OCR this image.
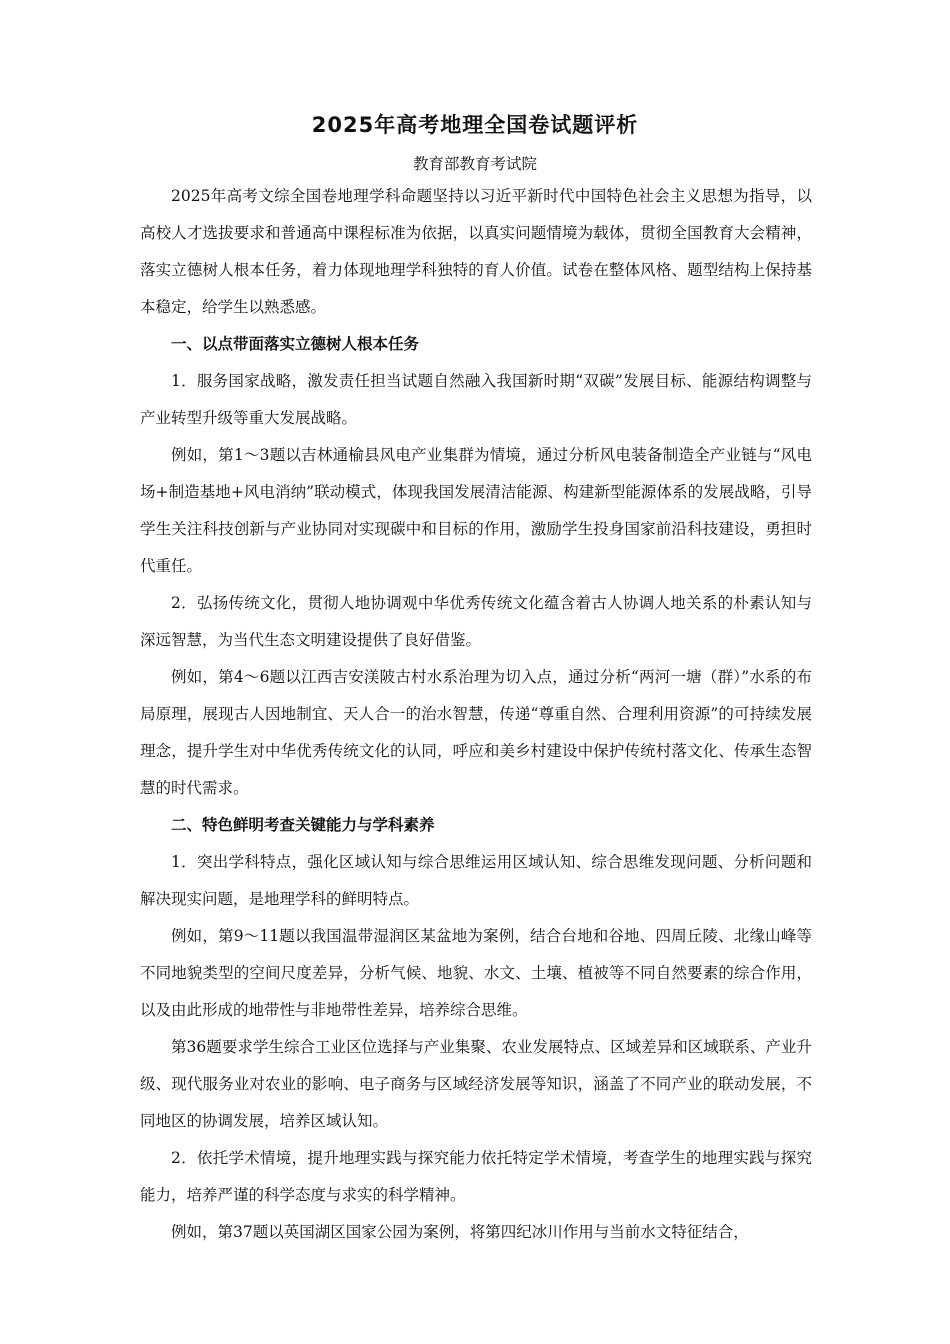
2025年高考地理全国卷试题评析
教育部教育考试院

2025年高考文综全国卷地理学科命题坚持以习近平新时代中国特色社会主义思想为指导，以高校人才选拔要求和普通高中课程标准为依据，以真实问题情境为载体，贯彻全国教育大会精神，落实立德树人根本任务，着力体现地理学科独特的育人价值。试卷在整体风格、题型结构上保持基本稳定，给学生以熟悉感。

一、以点带面落实立德树人根本任务

1．服务国家战略，激发责任担当试题自然融入我国新时期“双碳”发展目标、能源结构调整与产业转型升级等重大发展战略。

例如，第1～3题以吉林通榆县风电产业集群为情境，通过分析风电装备制造全产业链与“风电场+制造基地+风电消纳”联动模式，体现我国发展清洁能源、构建新型能源体系的发展战略，引导学生关注科技创新与产业协同对实现碳中和目标的作用，激励学生投身国家前沿科技建设，勇担时代重任。

2．弘扬传统文化，贯彻人地协调观中华优秀传统文化蕴含着古人协调人地关系的朴素认知与深远智慧，为当代生态文明建设提供了良好借鉴。

例如，第4～6题以江西吉安渼陂古村水系治理为切入点，通过分析“两河一塘（群）”水系的布局原理，展现古人因地制宜、天人合一的治水智慧，传递“尊重自然、合理利用资源”的可持续发展理念，提升学生对中华优秀传统文化的认同，呼应和美乡村建设中保护传统村落文化、传承生态智慧的时代需求。

二、特色鲜明考查关键能力与学科素养

1．突出学科特点，强化区域认知与综合思维运用区域认知、综合思维发现问题、分析问题和解决现实问题，是地理学科的鲜明特点。

例如，第9～11题以我国温带湿润区某盆地为案例，结合台地和谷地、四周丘陵、北缘山峰等不同地貌类型的空间尺度差异，分析气候、地貌、水文、土壤、植被等不同自然要素的综合作用，以及由此形成的地带性与非地带性差异，培养综合思维。

第36题要求学生综合工业区位选择与产业集聚、农业发展特点、区域差异和区域联系、产业升级、现代服务业对农业的影响、电子商务与区域经济发展等知识，涵盖了不同产业的联动发展，不同地区的协调发展，培养区域认知。

2．依托学术情境，提升地理实践与探究能力依托特定学术情境，考查学生的地理实践与探究能力，培养严谨的科学态度与求实的科学精神。

例如，第37题以英国湖区国家公园为案例，将第四纪冰川作用与当前水文特征结合，
